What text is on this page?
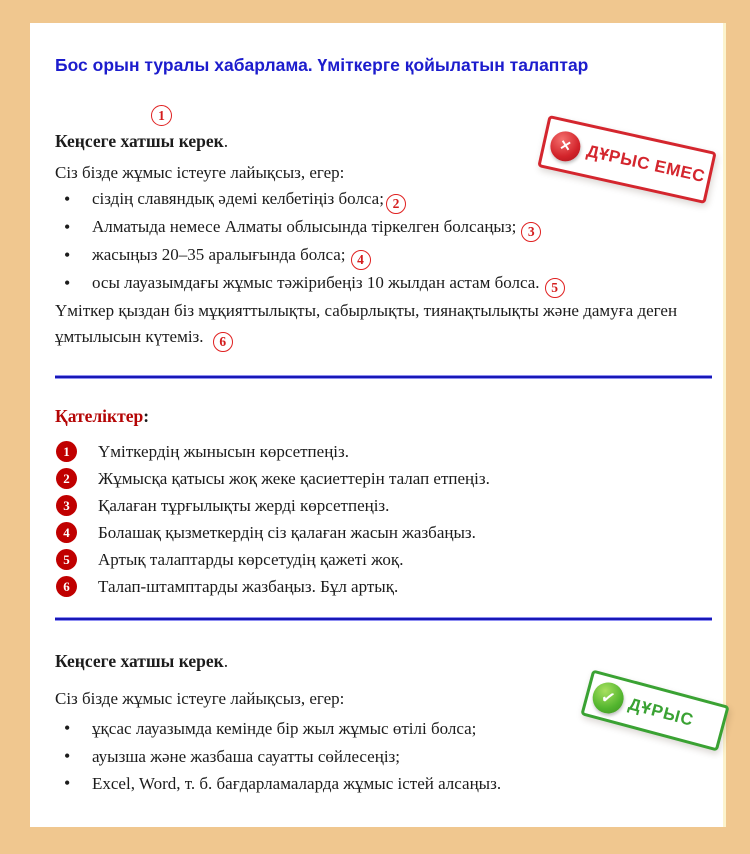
Бос орын туралы хабарлама. Үміткерге қойылатын талаптар
1
✕ ДҰРЫС ЕМЕС

Кеңсеге хатшы керек.

Сіз бізде жұмыс істеуге лайықсыз, егер:

• сіздің славяндық әдемі келбетіңіз болса; 2
• Алматыда немесе Алматы облысында тіркелген болсаңыз; 3
• жасыңыз 20–35 аралығында болса; 4
• осы лауазымдағы жұмыс тәжірибеңіз 10 жылдан астам болса. 5

Үміткер қыздан біз мұқияттылықты, сабырлықты, тиянақтылықты және дамуға деген ұмтылысын күтеміз. 6

Қателіктер:

1	Үміткердің жынысын көрсетпеңіз.
2	Жұмысқа қатысы жоқ жеке қасиеттерін талап етпеңіз.
3	Қалаған тұрғылықты жерді көрсетпеңіз.
4	Болашақ қызметкердің сіз қалаған жасын жазбаңыз.
5	Артық талаптарды көрсетудің қажеті жоқ.
6	Талап-штамптарды жазбаңыз. Бұл артық.

Кеңсеге хатшы керек.

Сіз бізде жұмыс істеуге лайықсыз, егер:

• ұқсас лауазымда кемінде бір жыл жұмыс өтілі болса;
• ауызша және жазбаша сауатты сөйлесеңіз;
• Excel, Word, т. б. бағдарламаларда жұмыс істей алсаңыз.
✓ ДҰРЫС
